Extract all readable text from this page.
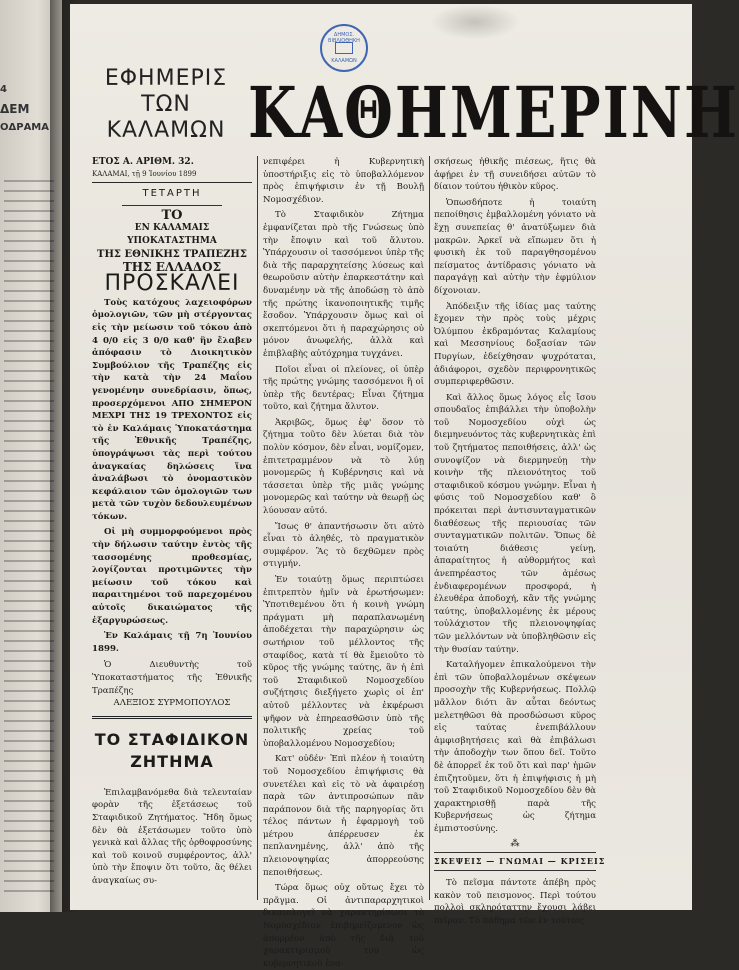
4
ΔΕΜ
ΟΔΡΑΜΑ
ΔΗΜΟΣ. ΒΙΒΛΙΟΘΗΚΗ
ΚΑΛΑΜΩΝ
ΕΦΗΜΕΡΙΣ
ΤΩΝ
ΚΑΛΑΜΩΝ ΚΑΘΗΜΕΡΙΝΗ
ΕΤΟΣ Α. ΑΡΙΘΜ. 32.
ΚΑΛΑΜΑΙ, τῇ 9 Ἰουνίου 1899
ΤΕΤΑΡΤΗ
ΤΟ
ΕΝ ΚΑΛΑΜΑΙΣ ΥΠΟΚΑΤΑΣΤΗΜΑ
ΤΗΣ ΕΘΝΙΚΗΣ ΤΡΑΠΕΖΗΣ
ΤΗΣ ΕΛΛΑΔΟΣ
ΠΡΟΣΚΑΛΕΙ

Τοὺς κατόχους λαχειοφόρων ὁμολογιῶν, τῶν μὴ στέργοντας εἰς τὴν μείωσιν τοῦ τόκου ἀπὸ 4 0/0 εἰς 3 0/0 καθ' ἣν ἔλαβεν ἀπόφασιν τὸ Διοικητικὸν Συμβούλιον τῆς Τραπέζης εἰς τὴν κατὰ τὴν 24 Μαΐου γενομένην συνεδρίασιν, ὅπως, προσερχόμενοι ΑΠΟ ΣΗΜΕΡΟΝ ΜΕΧΡΙ ΤΗΣ 19 ΤΡΕΧΟΝΤΟΣ εἰς τὸ ἐν Καλάμαις Ὑποκατάστημα τῆς Ἐθνικῆς Τραπέζης, ὑπογράψωσι τὰς περὶ τούτου ἀναγκαίας δηλώσεις ἵνα ἀναλάβωσι τὸ ὀνομαστικὸν κεφάλαιον τῶν ὁμολογιῶν των μετὰ τῶν τυχὸν δεδουλευμένων τόκων.

Οἱ μὴ συμμορφούμενοι πρὸς τὴν δήλωσιν ταύτην ἐντὸς τῆς τασσομένης προθεσμίας, λογίζονται προτιμῶντες τὴν μείωσιν τοῦ τόκου καὶ παραιτημένοι τοῦ παρεχομένου αὐτοῖς δικαιώματος τῆς ἐξαργυρώσεως.

Ἐν Καλάμαις τῇ 7η Ἰουνίου 1899.

Ὁ Διευθυντὴς τοῦ Ὑποκαταστήματος τῆς Ἐθνικῆς Τραπέζης
ΑΛΕΞΙΟΣ ΣΥΡΜΟΠΟΥΛΟΣ
ΤΟ ΣΤΑΦΙΔΙΚΟΝ
ΖΗΤΗΜΑ

Ἐπιλαμβανόμεθα διὰ τελευταίαν φορὰν τῆς ἐξετάσεως τοῦ Σταφιδικοῦ Ζητήματος. Ἤδη ὅμως δὲν θὰ ἐξετάσωμεν τοῦτο ὑπὸ γενικὰ καὶ ἄλλας τῆς ὀρθοφροσύνης καὶ τοῦ κοινοῦ συμφέροντος, ἀλλ' ὑπὸ τὴν ἔποψιν ὅτι τοῦτο, ἂς θέλει ἀναγκαίως συ-

νεπιφέρει ἡ Κυβερνητικὴ ὑποστήριξις εἰς τὸ ὑποβαλλόμενον πρὸς ἐπιψήφισιν ἐν τῇ Βουλῇ Νομοσχέδιον.

Τὸ Σταφιδικὸν Ζήτημα ἐμφανίζεται πρὸ τῆς Γνώσεως ὑπὸ τὴν ἔποψιν καὶ τοῦ ἄλυτου. Ὑπάρχουσιν οἱ τασσόμενοι ὑπὲρ τῆς διὰ τῆς παραρχητείσης λύσεως καὶ θεωροῦσιν αὐτὴν ἐπαρκεστάτην καὶ δυναμένην νὰ τῆς ἀποδώσῃ τὸ ἀπὸ τῆς πρώτης ἱκανοποιητικῆς τιμῆς ἔσοδον. Ὑπάρχουσιν ὅμως καὶ οἱ σκεπτόμενοι ὅτι ἡ παραχώρησις οὐ μόνον ἀνωφελής, ἀλλὰ καὶ ἐπιβλαβὴς αὐτόχρημα τυγχάνει.

Ποῖοι εἶναι οἱ πλείονες, οἱ ὑπὲρ τῆς πρώτης γνώμης τασσόμενοι ἢ οἱ ὑπὲρ τῆς δευτέρας; Εἶναι ζήτημα τοῦτο, καὶ ζήτημα ἄλυτον.

Ἀκριβῶς, ὅμως ἐφ' ὅσον τὸ ζήτημα τοῦτο δὲν λύεται διὰ τὸν πολὺν κόσμον, δὲν εἶναι, νομίζομεν, ἐπιτετραμμένον νὰ τὸ λύῃ μονομερῶς ἡ Κυβέρνησις καὶ νὰ τάσσεται ὑπὲρ τῆς μιᾶς γνώμης μονομερῶς καὶ ταύτην νὰ θεωρῇ ὡς λύουσαν αὐτό.

Ἴσως θ' ἀπαντήσωσιν ὅτι αὐτὸ εἶναι τὸ ἀληθές, τὸ πραγματικὸν συμφέρον. Ἂς τὸ δεχθῶμεν πρὸς στιγμήν.

Ἐν τοιαύτῃ ὅμως περιπτώσει ἐπιτρεπτὸν ἡμῖν νὰ ἐρωτήσωμεν: Ὑποτιθεμένου ὅτι ἡ κοινὴ γνώμη πράγματι μὴ παραπλανωμένη ἀποδέχεται τὴν παραχώρησιν ὡς σωτήριον τοῦ μέλλοντος τῆς σταφίδος, κατὰ τί θὰ ἔμειοῦτο τὸ κῦρος τῆς γνώμης ταύτης, ἂν ἡ ἐπὶ τοῦ Σταφιδικοῦ Νομοσχεδίου συζήτησις διεξήγετο χωρὶς οἱ ἐπ' αὐτοῦ μέλλοντες νὰ ἐκφέρωσι ψῆφον νὰ ἐπηρεασθῶσιν ὑπὸ τῆς πολιτικῆς χρείας τοῦ ὑποβαλλομένου Νομοσχεδίου;

Κατ' οὐδέν· Ἐπὶ πλέον ἡ τοιαύτη τοῦ Νομοσχεδίου ἐπιψήφισις θὰ συνετέλει καὶ εἰς τὸ νὰ ἀφαιρέσῃ παρὰ τῶν ἀντιπροσώπων πᾶν παράπονον διὰ τῆς παρηγορίας ὅτι τέλος πάντων ἡ ἐφαρμογὴ τοῦ μέτρου ἀπέρρευσεν ἐκ πεπλανημένης, ἀλλ' ἀπὸ τῆς πλειονοψηφίας ἀπορρεούσης πεποιθήσεως.

Τώρα ὅμως οὐχ οὕτως ἔχει τὸ πρᾶγμα. Οἱ ἀντιπαραρχητικοὶ δικαιολογεῖ νὰ χαρακτηρίσωσι τὸ Νομοσχέδιον ἐπιβηρείζομενον ὡς ἀπορρέον ἀπὸ τῆς διὰ τοῦ χαρακτηρισμοῦ του ὡς κυβερνητικοῦ ἐνα-

σκήσεως ἠθικῆς πιέσεως, ἥτις θὰ ἀφῄρει ἐν τῇ συνειδήσει αὐτῶν τὸ δίαιον τούτου ἠθικὸν κῦρος.

Ὁπωσδήποτε ἡ τοιαύτη πεποίθησις ἐμβαλλομένη γόνιατο νὰ ἔχῃ συνεπείας θ' ἀνατύξωμεν διὰ μακρῶν. Ἀρκεῖ νὰ εἴπωμεν ὅτι ἡ φυσικὴ ἐκ τοῦ παραγθησομένου πείσματος ἀντίδρασις γόνιατο νὰ παραγάγῃ καὶ αὐτὴν τὴν ἐφμύλιον δίχονοιαν.

Ἀπόδειξιν τῆς ἰδίας μας ταύτης ἔχομεν τὴν πρὸς τοὺς μέχρις Ὀλύμπου ἐκδραμόντας Καλαμίους καὶ Μεσσηνίους δοξασίαν τῶν Πυργίων, ἐδείχθησαν ψυχρόταται, ἀδιάφοροι, σχεδὸν περιφρονητικῶς συμπεριφερθῶσιν.

Καὶ ἄλλος ὅμως λόγος εἶς ἴσου σπουδαῖος ἐπιβάλλει τὴν ὑποβολὴν τοῦ Νομοσχεδίου οὐχὶ ὡς διεμηνευόντος τὰς κυβερνητικὰς ἐπὶ τοῦ ζητήματος πεποιθήσεις, ἀλλ' ὡς συνοψίζον νὰ διερμηνεύῃ τὴν κοινὴν τῆς πλειονότητος τοῦ σταφιδικοῦ κόσμου γνώμην. Εἶναι ἡ φύσις τοῦ Νομοσχεδίου καθ' ὃ πρόκειται περὶ ἀντισυνταγματικῶν διαθέσεως τῆς περιουσίας τῶν συνταγματικῶν πολιτῶν. Ὅπως δὲ τοιαύτη διάθεσις γείνῃ, ἀπαραίτητος ἡ αὐθορμήτος καὶ ἀνεπηρέαστος τῶν ἀμέσως ἐνδιαφερομένων προσφορά, ἡ ἐλευθέρα ἀποδοχή, κἂν τῆς γνώμης ταύτης, ὑποβαλλομένης ἐκ μέρους τοὐλάχιστον τῆς πλειονοψηφίας τῶν μελλόντων νὰ ὑποβληθῶσιν εἰς τὴν θυσίαν ταύτην.

Καταλήγομεν ἐπικαλούμενοι τὴν ἐπὶ τῶν ὑποβαλλομένων σκέψεων προσοχὴν τῆς Κυβερνήσεως. Πολλῷ μᾶλλον διότι ἂν αὗται δεόντως μελετηθῶσι θὰ προσδώσωσι κῦρος εἰς ταύτας ἐνεπιβάλλουν ἀμφισβητήσεις καὶ θὰ ἐπιβάλωσι τὴν ἀποδοχὴν των ὅπου δεῖ. Τοῦτο δὲ ἀπορρεῖ ἐκ τοῦ ὅτι καὶ παρ' ἡμῶν ἐπιζητοῦμεν, ὅτι ἡ ἐπιψήφισις ἡ μὴ τοῦ Σταφιδικοῦ Νομοσχεδίου δὲν θὰ χαρακτηρισθῇ παρὰ τῆς Κυβερνήσεως ὡς ζήτημα ἐμπιστοσύνης.

⁂
ΣΚΕΨΕΙΣ — ΓΝΩΜΑΙ — ΚΡΙΣΕΙΣ

Τὸ πεῖσμα πάντοτε ἀπέβη πρὸς κακὸν τοῦ πεισμονος. Περὶ τούτου πολλοὶ σκληρόταττην ἔχουσι λάβει πεῖραν. Τὸ πάθημα τῶν ἐν τούτοις
